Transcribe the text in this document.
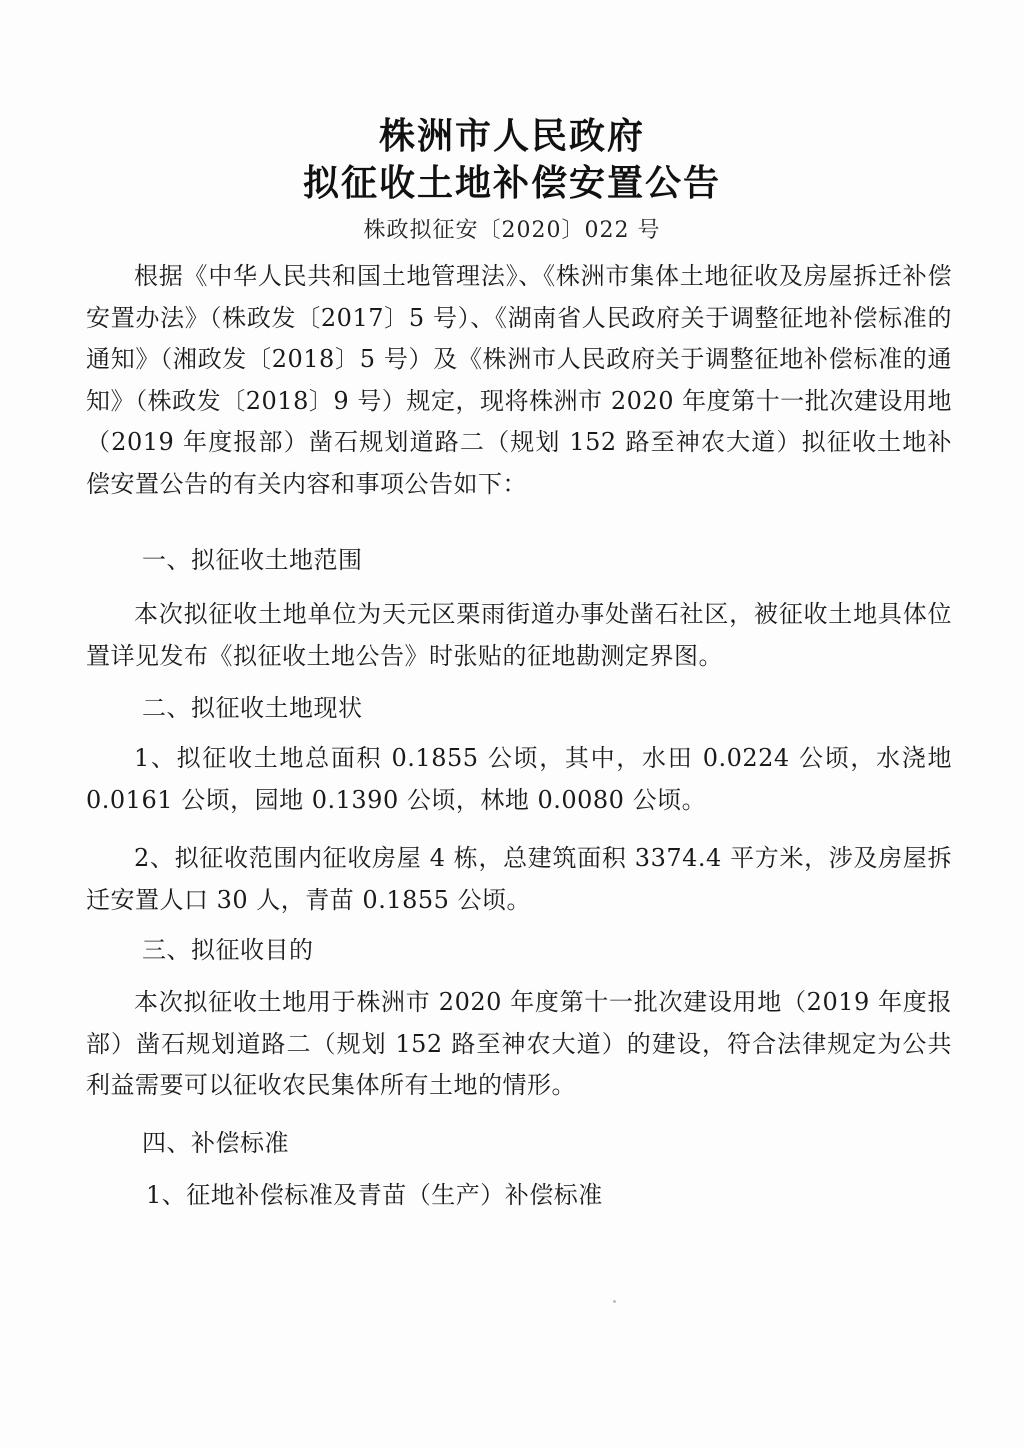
株洲市人民政府
拟征收土地补偿安置公告
株政拟征安〔2020〕022 号

根据《中华人民共和国土地管理法》、《株洲市集体土地征收及房屋拆迁补偿安置办法》（株政发〔2017〕5 号）、《湖南省人民政府关于调整征地补偿标准的通知》（湘政发〔2018〕5 号）及《株洲市人民政府关于调整征地补偿标准的通知》（株政发〔2018〕9 号）规定，现将株洲市 2020 年度第十一批次建设用地（2019 年度报部）凿石规划道路二（规划 152 路至神农大道）拟征收土地补偿安置公告的有关内容和事项公告如下：

一、拟征收土地范围

本次拟征收土地单位为天元区栗雨街道办事处凿石社区，被征收土地具体位置详见发布《拟征收土地公告》时张贴的征地勘测定界图。

二、拟征收土地现状

1、拟征收土地总面积 0.1855 公顷，其中，水田 0.0224 公顷，水浇地 0.0161 公顷，园地 0.1390 公顷，林地 0.0080 公顷。

2、拟征收范围内征收房屋 4 栋，总建筑面积 3374.4 平方米，涉及房屋拆迁安置人口 30 人，青苗 0.1855 公顷。

三、拟征收目的

本次拟征收土地用于株洲市 2020 年度第十一批次建设用地（2019 年度报部）凿石规划道路二（规划 152 路至神农大道）的建设，符合法律规定为公共利益需要可以征收农民集体所有土地的情形。

四、补偿标准

1、征地补偿标准及青苗（生产）补偿标准
